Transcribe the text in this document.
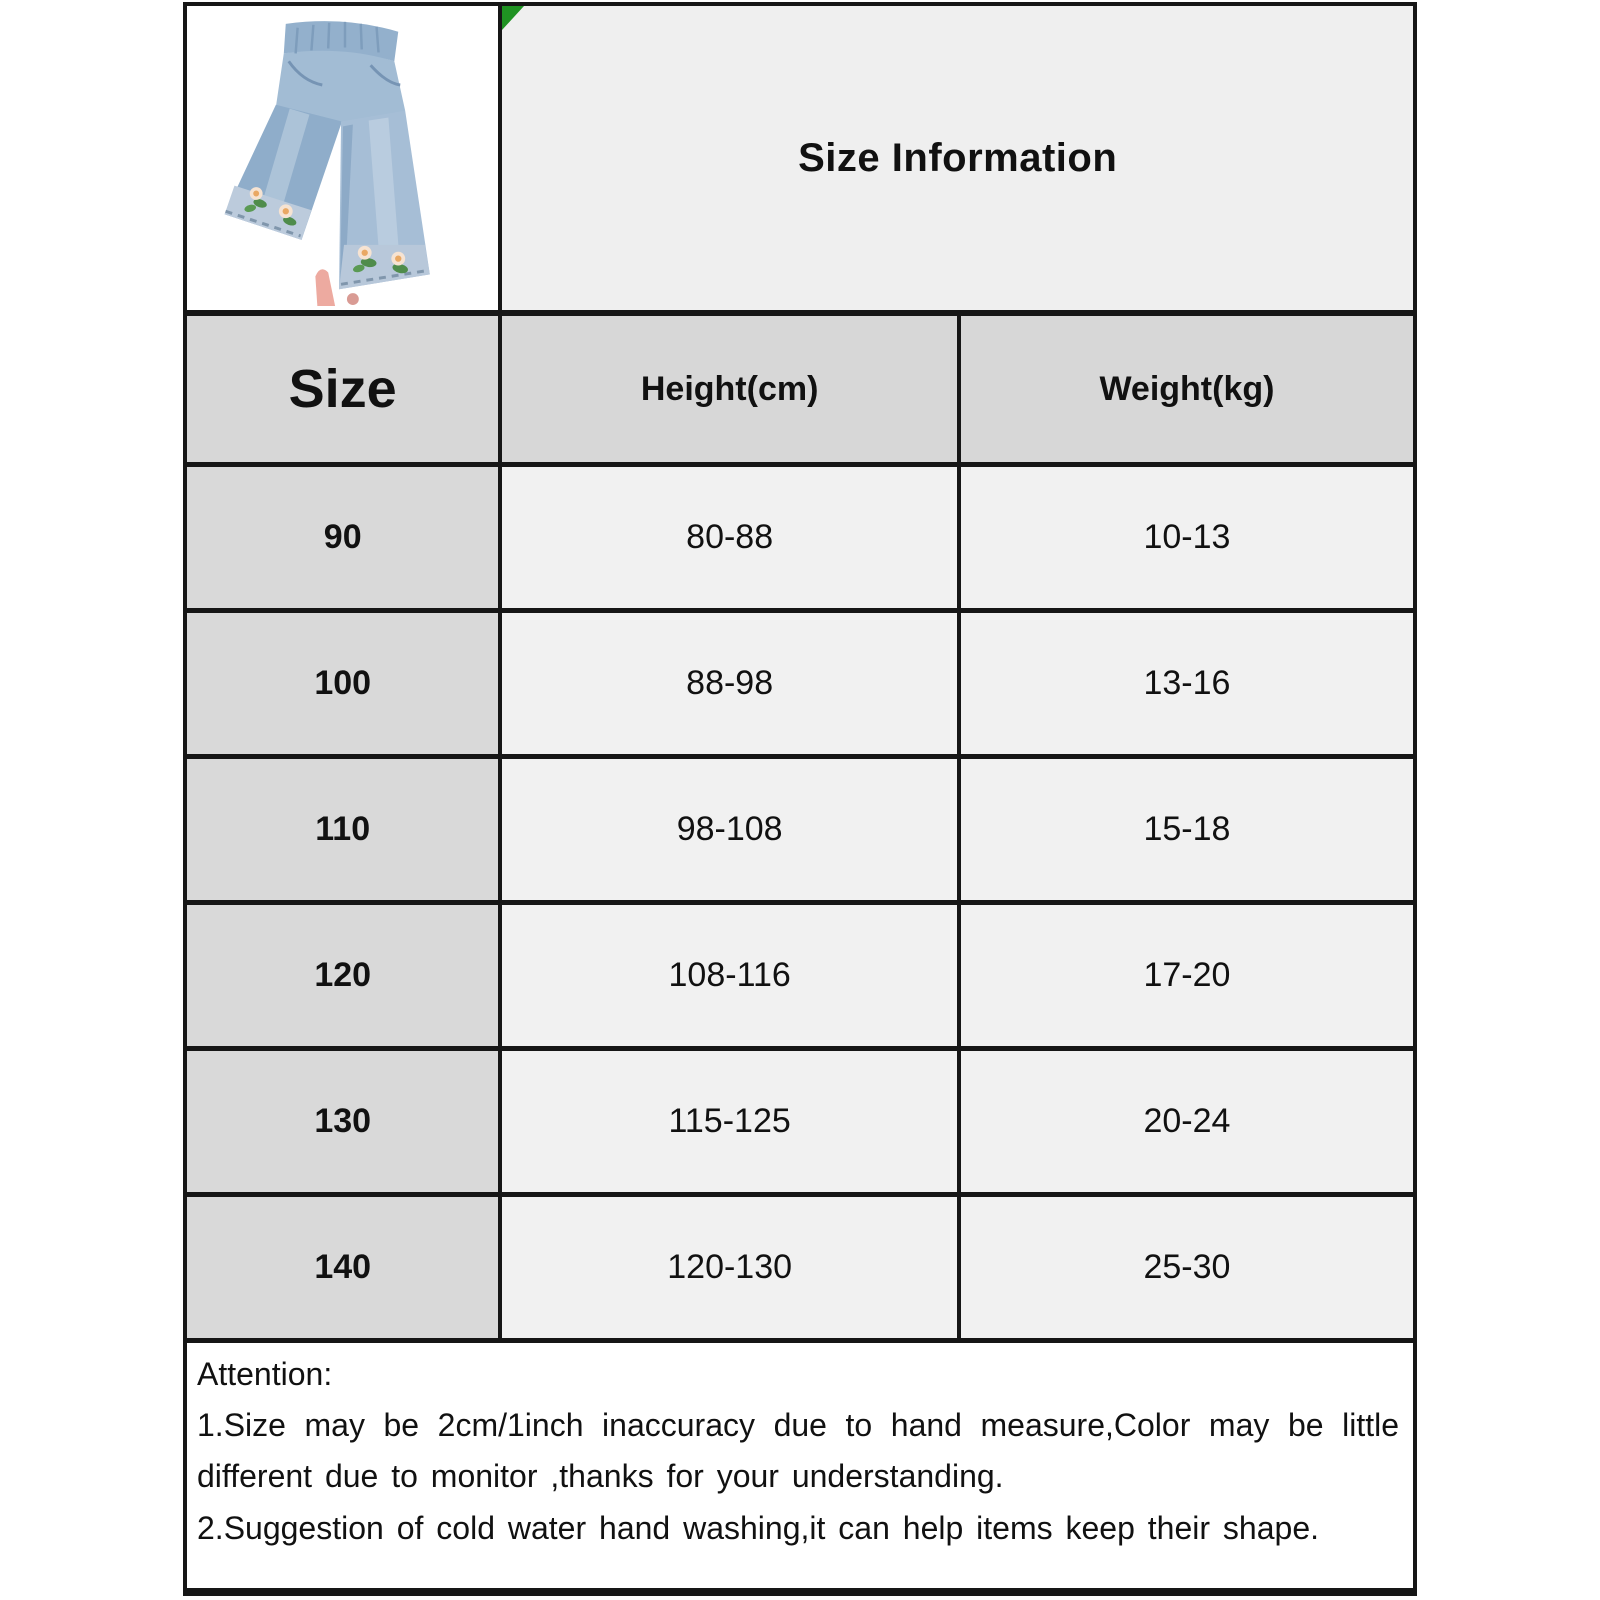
Size Information
Size	Height(cm)	Weight(kg)
90	80-88	10-13
100	88-98	13-16
110	98-108	15-18
120	108-116	17-20
130	115-125	20-24
140	120-130	25-30

Attention:

1.Size may be 2cm/1inch inaccuracy due to hand measure,Color may be little different due to monitor ,thanks for your understanding.

2.Suggestion of cold water hand washing,it can help items keep their shape.
